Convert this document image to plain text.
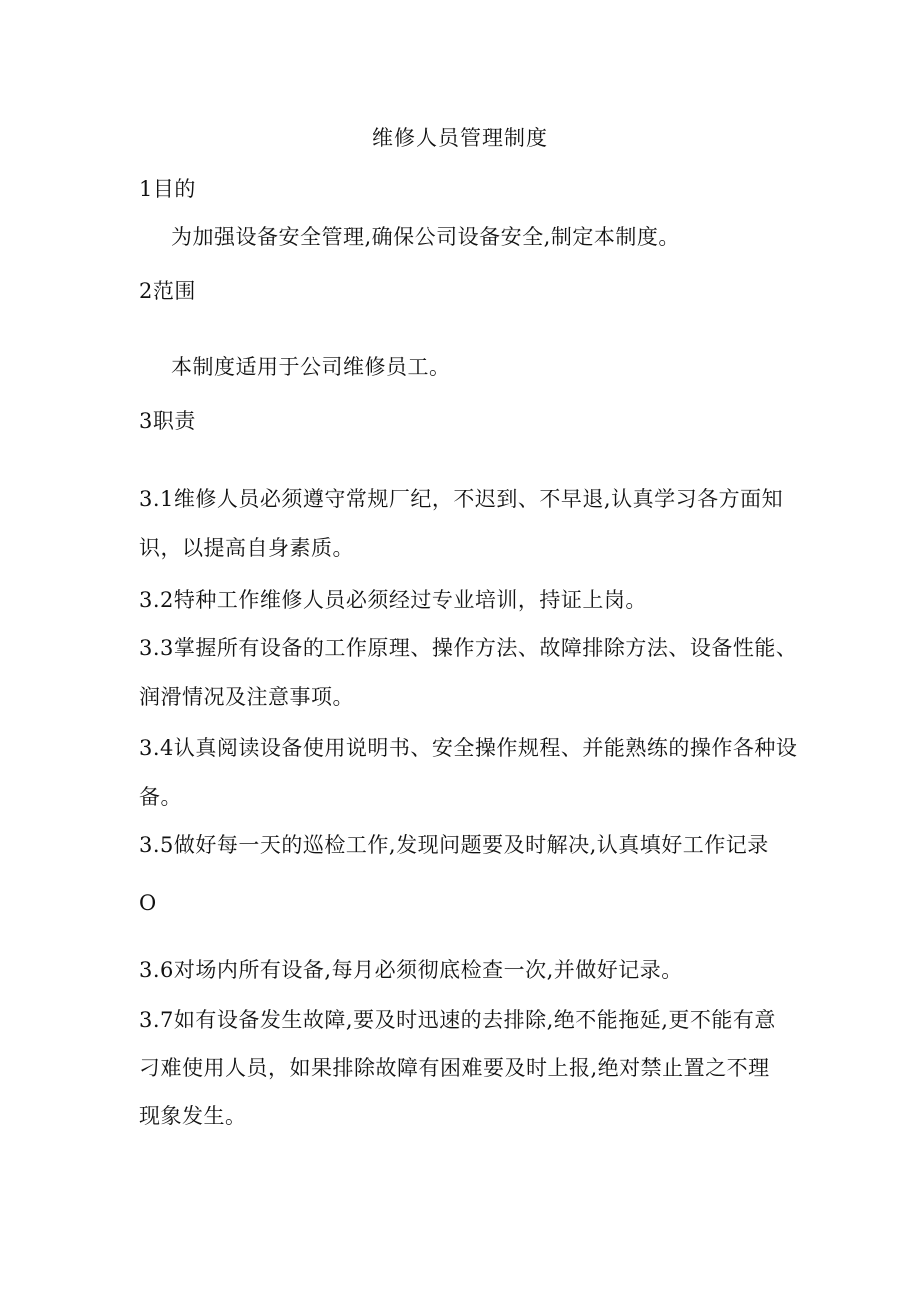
维修人员管理制度
1目的
为加强设备安全管理,确保公司设备安全,制定本制度。
2范围
本制度适用于公司维修员工。
3职责
3.1维修人员必须遵守常规厂纪，不迟到、不早退,认真学习各方面知
识，以提高自身素质。
3.2特种工作维修人员必须经过专业培训，持证上岗。
3.3掌握所有设备的工作原理、操作方法、故障排除方法、设备性能、
润滑情况及注意事项。
3.4认真阅读设备使用说明书、安全操作规程、并能熟练的操作各种设
备。
3.5做好每一天的巡检工作,发现问题要及时解决,认真填好工作记录
O
3.6对场内所有设备,每月必须彻底检查一次,并做好记录。
3.7如有设备发生故障,要及时迅速的去排除,绝不能拖延,更不能有意
刁难使用人员，如果排除故障有困难要及时上报,绝对禁止置之不理
现象发生。
